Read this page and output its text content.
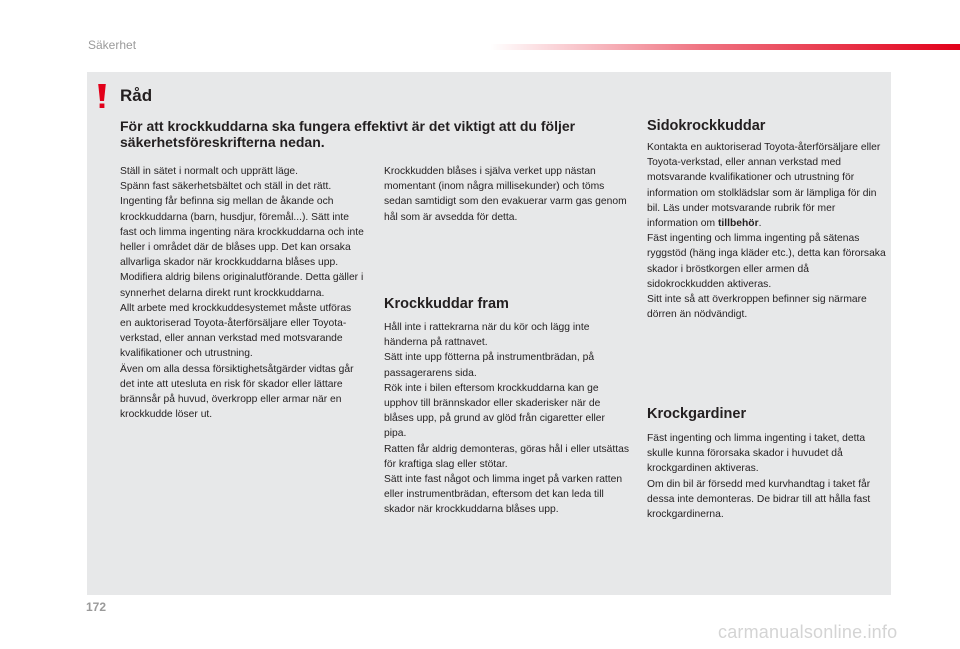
Säkerhet
Råd
För att krockkuddarna ska fungera effektivt är det viktigt att du följer säkerhetsföreskrifterna nedan.
Ställ in sätet i normalt och upprätt läge.
Spänn fast säkerhetsbältet och ställ in det rätt.
Ingenting får befinna sig mellan de åkande och krockkuddarna (barn, husdjur, föremål...). Sätt inte fast och limma ingenting nära krockkuddarna och inte heller i området där de blåses upp. Det kan orsaka allvarliga skador när krockkuddarna blåses upp.
Modifiera aldrig bilens originalutförande. Detta gäller i synnerhet delarna direkt runt krockkuddarna.
Allt arbete med krockkuddesystemet måste utföras en auktoriserad Toyota-återförsäljare eller Toyota-verkstad, eller annan verkstad med motsvarande kvalifikationer och utrustning.
Även om alla dessa försiktighetsåtgärder vidtas går det inte att utesluta en risk för skador eller lättare brännsår på huvud, överkropp eller armar när en krockkudde löser ut.
Krockkudden blåses i själva verket upp nästan momentant (inom några millisekunder) och töms sedan samtidigt som den evakuerar varm gas genom hål som är avsedda för detta.
Krockkuddar fram
Håll inte i rattekrarna när du kör och lägg inte händerna på rattnavet.
Sätt inte upp fötterna på instrumentbrädan, på passagerarens sida.
Rök inte i bilen eftersom krockkuddarna kan ge upphov till brännskador eller skaderisker när de blåses upp, på grund av glöd från cigaretter eller pipa.
Ratten får aldrig demonteras, göras hål i eller utsättas för kraftiga slag eller stötar.
Sätt inte fast något och limma inget på varken ratten eller instrumentbrädan, eftersom det kan leda till skador när krockkuddarna blåses upp.
Sidokrockkuddar
Kontakta en auktoriserad Toyota-återförsäljare eller Toyota-verkstad, eller annan verkstad med motsvarande kvalifikationer och utrustning för information om stolklädslar som är lämpliga för din bil. Läs under motsvarande rubrik för mer information om tillbehör.
Fäst ingenting och limma ingenting på sätenas ryggstöd (häng inga kläder etc.), detta kan förorsaka skador i bröstkorgen eller armen då sidokrockkudden aktiveras.
Sitt inte så att överkroppen befinner sig närmare dörren än nödvändigt.
Krockgardiner
Fäst ingenting och limma ingenting i taket, detta skulle kunna förorsaka skador i huvudet då krockgardinen aktiveras.
Om din bil är försedd med kurvhandtag i taket får dessa inte demonteras. De bidrar till att hålla fast krockgardinerna.
172
carmanualsonline.info
